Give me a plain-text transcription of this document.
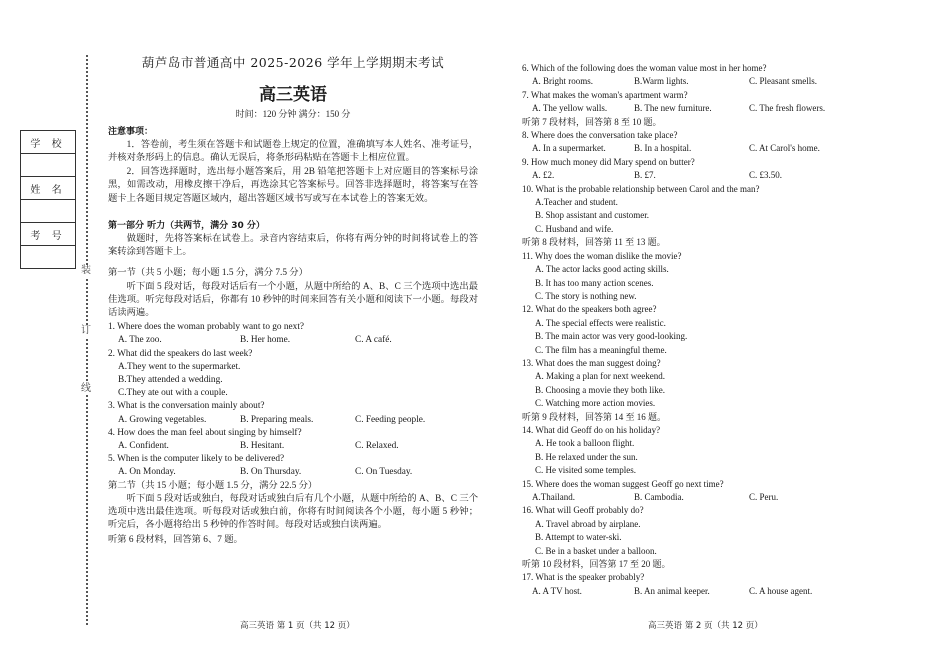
装
订
线
学 校

姓 名

考 号

葫芦岛市普通高中 2025-2026 学年上学期期末考试

高三英语

时间：120 分钟 满分：150 分

注意事项：

1．答卷前，考生须在答题卡和试题卷上规定的位置，准确填写本人姓名、准考证号，并核对条形码上的信息。确认无误后，将条形码粘贴在答题卡上相应位置。

2．回答选择题时，选出每小题答案后，用 2B 铅笔把答题卡上对应题目的答案标号涂黑，如需改动，用橡皮擦干净后，再选涂其它答案标号。回答非选择题时，将答案写在答题卡上各题目规定答题区域内，超出答题区域书写或写在本试卷上的答案无效。

第一部分 听力（共两节，满分 30 分）

做题时，先将答案标在试卷上。录音内容结束后，你将有两分钟的时间将试卷上的答案转涂到答题卡上。

第一节（共 5 小题；每小题 1.5 分，满分 7.5 分）

听下面 5 段对话，每段对话后有一个小题，从题中所给的 A、B、C 三个选项中选出最佳选项。听完每段对话后，你都有 10 秒钟的时间来回答有关小题和阅读下一小题。每段对话读两遍。

1. Where does the woman probably want to go next?

A. The zoo.	B. Her home.	C. A café.

2. What did the speakers do last week?

A.They went to the supermarket.

B.They attended a wedding.

C.They ate out with a couple.

3. What is the conversation mainly about?

A. Growing vegetables.	B. Preparing meals.	C. Feeding people.

4. How does the man feel about singing by himself?

A. Confident.	B. Hesitant.	C. Relaxed.

5. When is the computer likely to be delivered?

A. On Monday.	B. On Thursday.	C. On Tuesday.

第二节（共 15 小题；每小题 1.5 分，满分 22.5 分）

听下面 5 段对话或独白，每段对话或独白后有几个小题，从题中所给的 A、B、C 三个选项中选出最佳选项。听每段对话或独白前，你将有时间阅读各个小题，每小题 5 秒钟；听完后，各小题将给出 5 秒钟的作答时间。每段对话或独白读两遍。

听第 6 段材料，回答第 6、7 题。

6. Which of the following does the woman value most in her home?

A. Bright rooms.	B.Warm lights.	C. Pleasant smells.

7. What makes the woman's apartment warm?

A. The yellow walls.	B. The new furniture.	C. The fresh flowers.

听第 7 段材料，回答第 8 至 10 题。

8. Where does the conversation take place?

A. In a supermarket.	B. In a hospital.	C. At Carol's home.

9. How much money did Mary spend on butter?

A. £2.	B. £7.	C. £3.50.

10. What is the probable relationship between Carol and the man?

A.Teacher and student.

B. Shop assistant and customer.

C. Husband and wife.

听第 8 段材料，回答第 11 至 13 题。

11. Why does the woman dislike the movie?

A. The actor lacks good acting skills.

B. It has too many action scenes.

C. The story is nothing new.

12. What do the speakers both agree?

A. The special effects were realistic.

B. The main actor was very good-looking.

C. The film has a meaningful theme.

13. What does the man suggest doing?

A. Making a plan for next weekend.

B. Choosing a movie they both like.

C. Watching more action movies.

听第 9 段材料，回答第 14 至 16 题。

14. What did Geoff do on his holiday?

A. He took a balloon flight.

B. He relaxed under the sun.

C. He visited some temples.

15. Where does the woman suggest Geoff go next time?

A.Thailand.	B. Cambodia.	C. Peru.

16. What will Geoff probably do?

A. Travel abroad by airplane.

B. Attempt to water-ski.

C. Be in a basket under a balloon.

听第 10 段材料，回答第 17 至 20 题。

17. What is the speaker probably?

A. A TV host.	B. An animal keeper.	C. A house agent.
高三英语 第 1 页（共 12 页）	高三英语 第 2 页（共 12 页）
